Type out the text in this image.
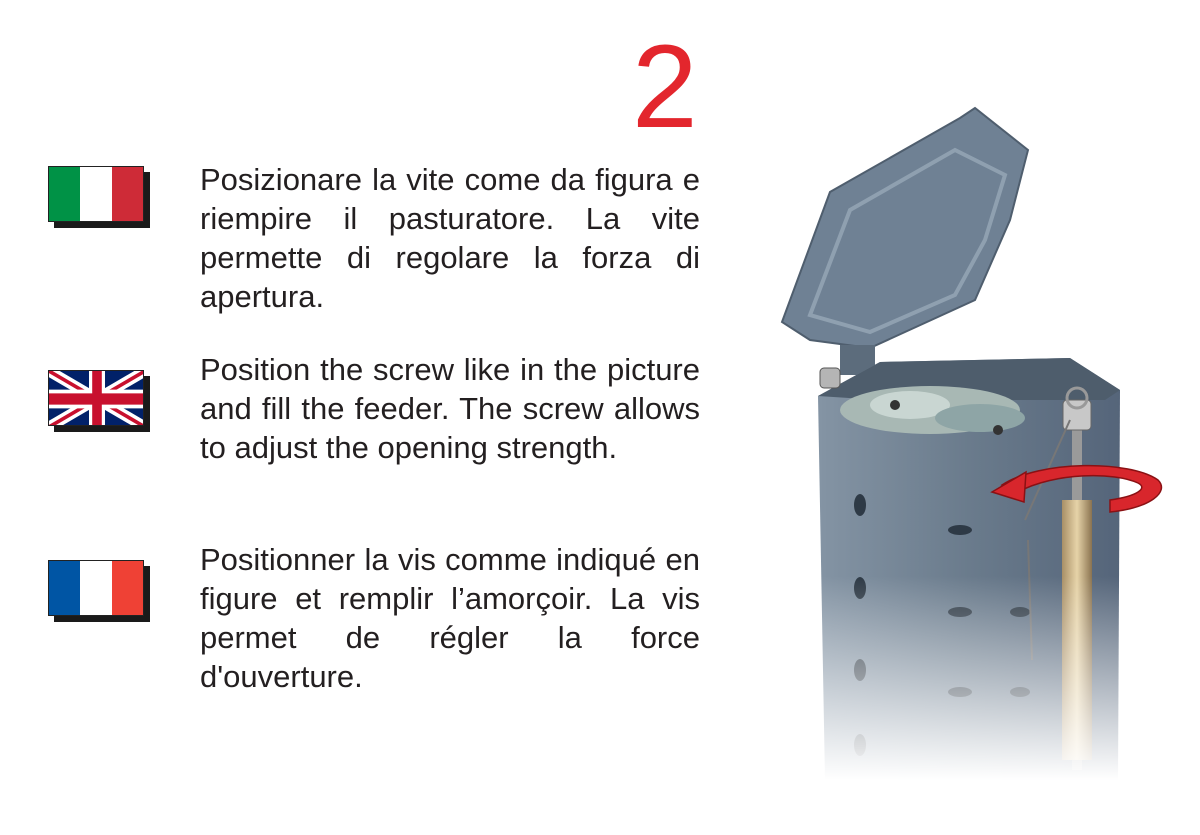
2

Posizionare la vite come da figura e riempire il pasturatore. La vite permette di regolare la forza di apertura.

Position the screw like in the picture and fill the feeder. The screw allows to adjust the opening strength.

Positionner la vis comme indiqué en figure et remplir l’amorçoir. La vis permet de régler la force d'ouverture.
